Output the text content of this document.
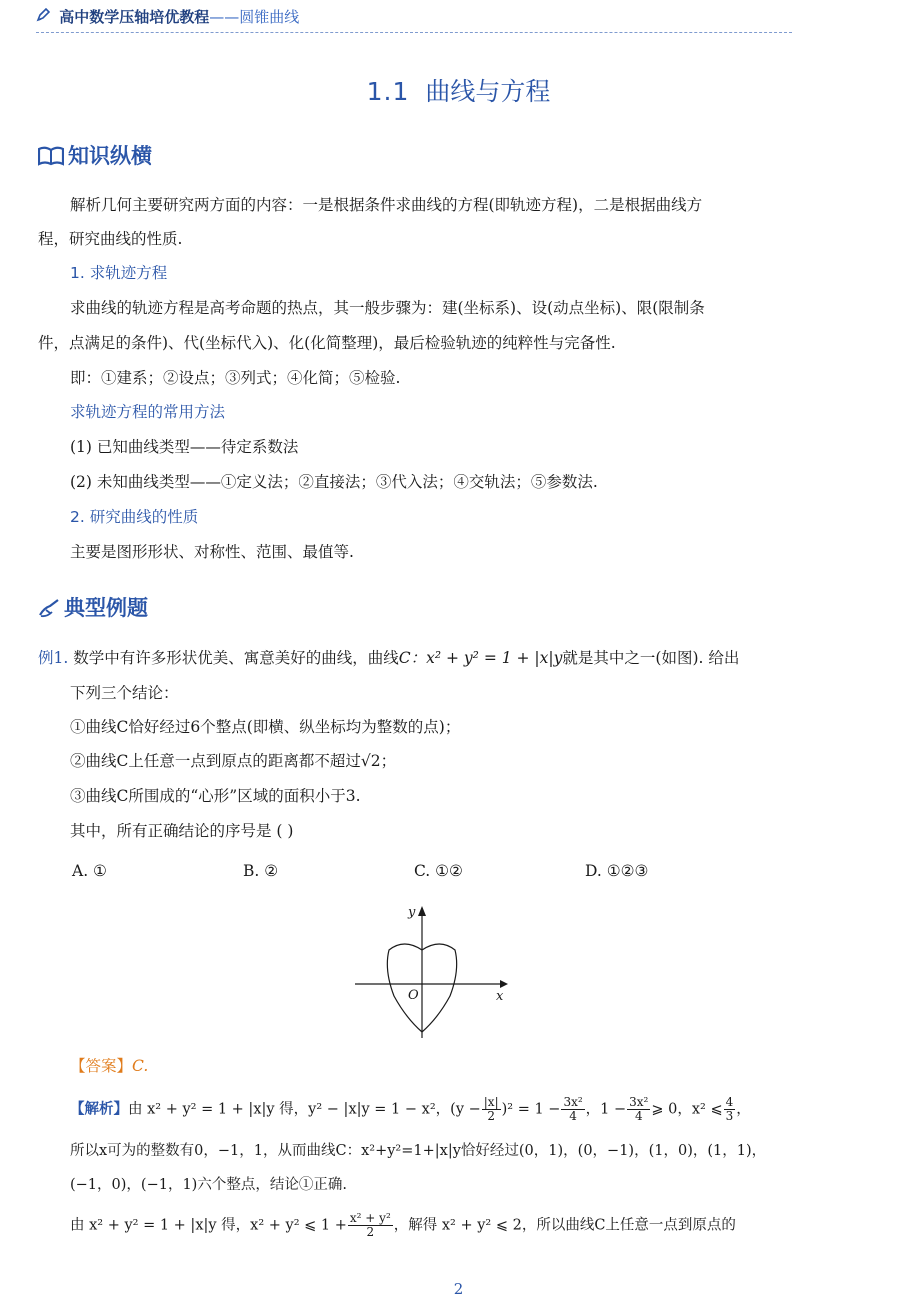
高中数学压轴培优教程——圆锥曲线
1.1 曲线与方程
知识纵横
解析几何主要研究两方面的内容：一是根据条件求曲线的方程(即轨迹方程)，二是根据曲线方
程，研究曲线的性质.
1. 求轨迹方程
求曲线的轨迹方程是高考命题的热点，其一般步骤为：建(坐标系)、设(动点坐标)、限(限制条
件，点满足的条件)、代(坐标代入)、化(化简整理)，最后检验轨迹的纯粹性与完备性.
即：①建系；②设点；③列式；④化简；⑤检验.
求轨迹方程的常用方法
(1) 已知曲线类型——待定系数法
(2) 未知曲线类型——①定义法；②直接法；③代入法；④交轨法；⑤参数法.
2. 研究曲线的性质
主要是图形形状、对称性、范围、最值等.
典型例题
例1. 数学中有许多形状优美、寓意美好的曲线，曲线C：x² + y² = 1 + |x|y就是其中之一(如图). 给出
下列三个结论：
①曲线C恰好经过6个整点(即横、纵坐标均为整数的点)；
②曲线C上任意一点到原点的距离都不超过√2；
③曲线C所围成的“心形”区域的面积小于3.
其中，所有正确结论的序号是 ( )
A. ①	B. ②	C. ①②	D. ①②③
y
x
O
【答案】C.
【解析】由 x² + y² = 1 + |x|y 得，y² − |x|y = 1 − x²，$(y - \frac{|x|}{2} )^2 = 1 - \frac{\text{3x²}}{4}$ ，$1 - \frac{\text{3x²}}{4}$ ⩾ 0，x² ⩽ $\frac{4}{3}$ ，
所以x可为的整数有0，−1，1，从而曲线C：x²+y²=1+|x|y恰好经过(0，1)，(0，−1)，(1，0)，(1，1)，
(−1，0)，(−1，1)六个整点，结论①正确.
由 x² + y² = 1 + |x|y 得，x² + y² ⩽ $1 + \frac{\text{x² + y²}}{2}$ ，解得 x² + y² ⩽ 2，所以曲线C上任意一点到原点的
2
